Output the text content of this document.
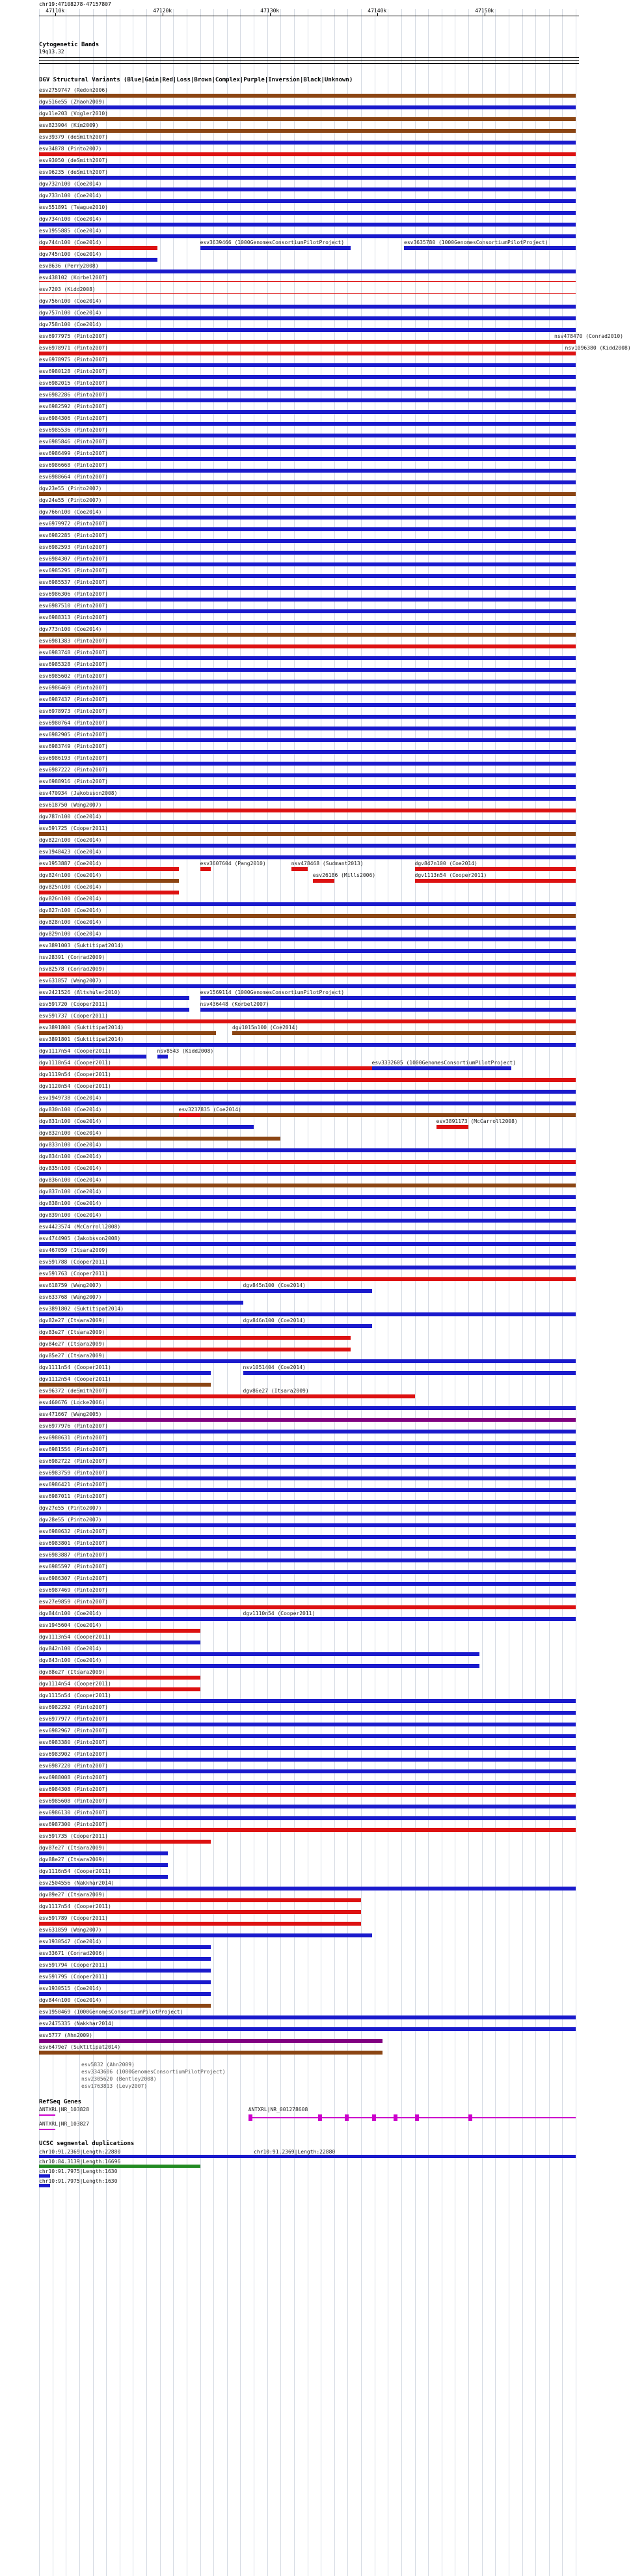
chr19:47108278-47157807
47110k	47120k	47130k	47140k	47150k
Cytogenetic Bands
19q13.32
DGV Structural Variants (Blue|Gain|Red|Loss|Brown|Complex|Purple|Inversion|Black|Unknown)
esv2759747 (Redon2006)
dgv516e55 (Zhaoh2009)
dgv1le203 (Vogler2010)
esv823904 (Kim2009)
esv39379 (deSmith2007)
esv34878 (Pinto2007)
esv93050 (deSmith2007)
esv96235 (deSmith2007)
dgv732n100 (Coe2014)
dgv733n100 (Coe2014)
esv551891 (Teague2010)
dgv734n100 (Coe2014)
esv1955885 (Coe2014)
dgv744n100 (Coe2014)	esv3639466 (1000GenomesConsortiumPilotProject)	esv3635780 (1000GenomesConsortiumPilotProject)
dgv745n100 (Coe2014)
esv8636 (Perry2008)
esv438102 (Korbel2007)
esv7203 (Kidd2008)
dgv756n100 (Coe2014)
dgv757n100 (Coe2014)
dgv758n100 (Coe2014)
esv6977975 (Pinto2007)	nsv478470 (Conrad2010)
esv6978971 (Pinto2007)	nsv1096380 (Kidd2008)
esv6978975 (Pinto2007)
esv6980128 (Pinto2007)
esv6982015 (Pinto2007)
esv6982286 (Pinto2007)
esv6982592 (Pinto2007)
esv6984306 (Pinto2007)
esv6985536 (Pinto2007)
esv6985846 (Pinto2007)
esv6986499 (Pinto2007)
esv6986668 (Pinto2007)
esv6988664 (Pinto2007)
dgv23e55 (Pinto2007)
dgv24e55 (Pinto2007)
dgv766n100 (Coe2014)
esv6979972 (Pinto2007)
esv6982285 (Pinto2007)
esv6982593 (Pinto2007)
esv6984307 (Pinto2007)
esv6985295 (Pinto2007)
esv6985537 (Pinto2007)
esv6986306 (Pinto2007)
esv6987510 (Pinto2007)
esv6988313 (Pinto2007)
dgv773n100 (Coe2014)
esv6981383 (Pinto2007)
esv6983748 (Pinto2007)
esv6985328 (Pinto2007)
esv6985602 (Pinto2007)
esv6986469 (Pinto2007)
esv6987437 (Pinto2007)
esv6978973 (Pinto2007)
esv6980764 (Pinto2007)
esv6982905 (Pinto2007)
esv6983749 (Pinto2007)
esv6986193 (Pinto2007)
esv6987222 (Pinto2007)
esv6988916 (Pinto2007)
esv470934 (Jakobsson2008)
esv618750 (Wang2007)
dgv787n100 (Coe2014)
esv59l725 (Cooper2011)
dgv822n100 (Coe2014)
esv1948423 (Coe2014)
esv1953887 (Coe2014)	esv3607604 (Pang2010)	nsv478468 (Sudmant2013)	dgv847n100 (Coe2014)
dgv824n100 (Coe2014)	esv26186 (Mills2006)	dgv1113n54 (Cooper2011)
dgv825n100 (Coe2014)
dgv826n100 (Coe2014)
dgv827n100 (Coe2014)
dgv828n100 (Coe2014)
dgv829n100 (Coe2014)
esv3891003 (Suktitipat2014)
nsv28391 (Conrad2009)
nsv82578 (Conrad2009)
esv631857 (Wang2007)
esv2421526 (Altshuler2010)	esv1569114 (1000GenomesConsortiumPilotProject)
esv59l720 (Cooper2011)	nsv436448 (Korbel2007)
esv59l737 (Cooper2011)
esv3891800 (Suktitipat2014)	dgv1015n100 (Coe2014)
esv3891801 (Suktitipat2014)
dgv1117n54 (Cooper2011)	nsv8543 (Kidd2008)
dgv1118n54 (Cooper2011)	esv3332605 (1000GenomesConsortiumPilotProject)
dgv1119n54 (Cooper2011)
dgv1120n54 (Cooper2011)
esv1949738 (Coe2014)
dgv830n100 (Coe2014)	esv3237835 (Coe2014)
dgv831n100 (Coe2014)	esv3891173 (McCarroll2008)
dgv832n100 (Coe2014)
dgv833n100 (Coe2014)
dgv834n100 (Coe2014)
dgv835n100 (Coe2014)
dgv836n100 (Coe2014)
dgv837n100 (Coe2014)
dgv838n100 (Coe2014)
dgv839n100 (Coe2014)
esv4423574 (McCarroll2008)
esv4744905 (Jakobsson2008)
esv467059 (Itsara2009)
esv59l788 (Cooper2011)
esv59l763 (Cooper2011)
esv618759 (Wang2007)	dgv845n100 (Coe2014)
esv633768 (Wang2007)
esv3891802 (Suktitipat2014)
dgv82e27 (Itsara2009)	dgv846n100 (Coe2014)
dgv83e27 (Itsara2009)
dgv84e27 (Itsara2009)
dgv85e27 (Itsara2009)
dgv1111n54 (Cooper2011)	nsv1051404 (Coe2014)
dgv1112n54 (Cooper2011)
esv96372 (deSmith2007)	dgv86e27 (Itsara2009)
esv460676 (Locke2006)
esv471667 (Wang2005)
esv6977976 (Pinto2007)
esv6980631 (Pinto2007)
esv6981556 (Pinto2007)
esv6982722 (Pinto2007)
esv6983759 (Pinto2007)
esv6986421 (Pinto2007)
esv6987011 (Pinto2007)
dgv27e55 (Pinto2007)
dgv28e55 (Pinto2007)
esv6980632 (Pinto2007)
esv6983801 (Pinto2007)
esv6983887 (Pinto2007)
esv6985597 (Pinto2007)
esv6986307 (Pinto2007)
esv6987469 (Pinto2007)
esv27e9859 (Pinto2007)
dgv844n100 (Coe2014)	dgv1110n54 (Cooper2011)
esv1945604 (Coe2014)
dgv1113n54 (Cooper2011)
dgv842n100 (Coe2014)
dgv843n100 (Coe2014)
dgv88e27 (Itsara2009)
dgv1114n54 (Cooper2011)
dgv1115n54 (Cooper2011)
esv6982292 (Pinto2007)
esv6977977 (Pinto2007)
esv6982967 (Pinto2007)
esv6983380 (Pinto2007)
esv6983902 (Pinto2007)
esv6987220 (Pinto2007)
esv6988008 (Pinto2007)
esv6984308 (Pinto2007)
esv6985608 (Pinto2007)
esv6986130 (Pinto2007)
esv6987300 (Pinto2007)
esv59l735 (Cooper2011)
dgv87e27 (Itsara2009)
dgv88e27 (Itsara2009)
dgv1116n54 (Cooper2011)
esv2504556 (Nakkhar2014)
dgv89e27 (Itsara2009)
dgv1117n54 (Cooper2011)
esv59l789 (Cooper2011)
esv631859 (Wang2007)
esv1930547 (Coe2014)
esv33671 (Conrad2006)
esv59l794 (Cooper2011)
esv59l795 (Cooper2011)
esv1930515 (Coe2014)
dgv844n100 (Coe2014)
esv1950469 (1000GenomesConsortiumPilotProject)
esv2475335 (Nakkhar2014)
esv5777 (Ahn2009)
esv6479e7 (Suktitipat2014)
esv5832 (Ahn2009)
esv3343606 (1000GenomesConsortiumPilotProject)
nsv2305620 (Bentley2008)
esv1763813 (Levy2007)
RefSeq Genes
ANTXRL|NR_103828
ANTXRL|NR_103827
ANTXRL|NR_001278608
UCSC segmental duplications
chr10:91.2369|Length:22880	chr10:91.2369|Length:22880
chr10:84.3139|Length:16696
chr10:91.7975|Length:1630
chr10:91.7975|Length:1630
